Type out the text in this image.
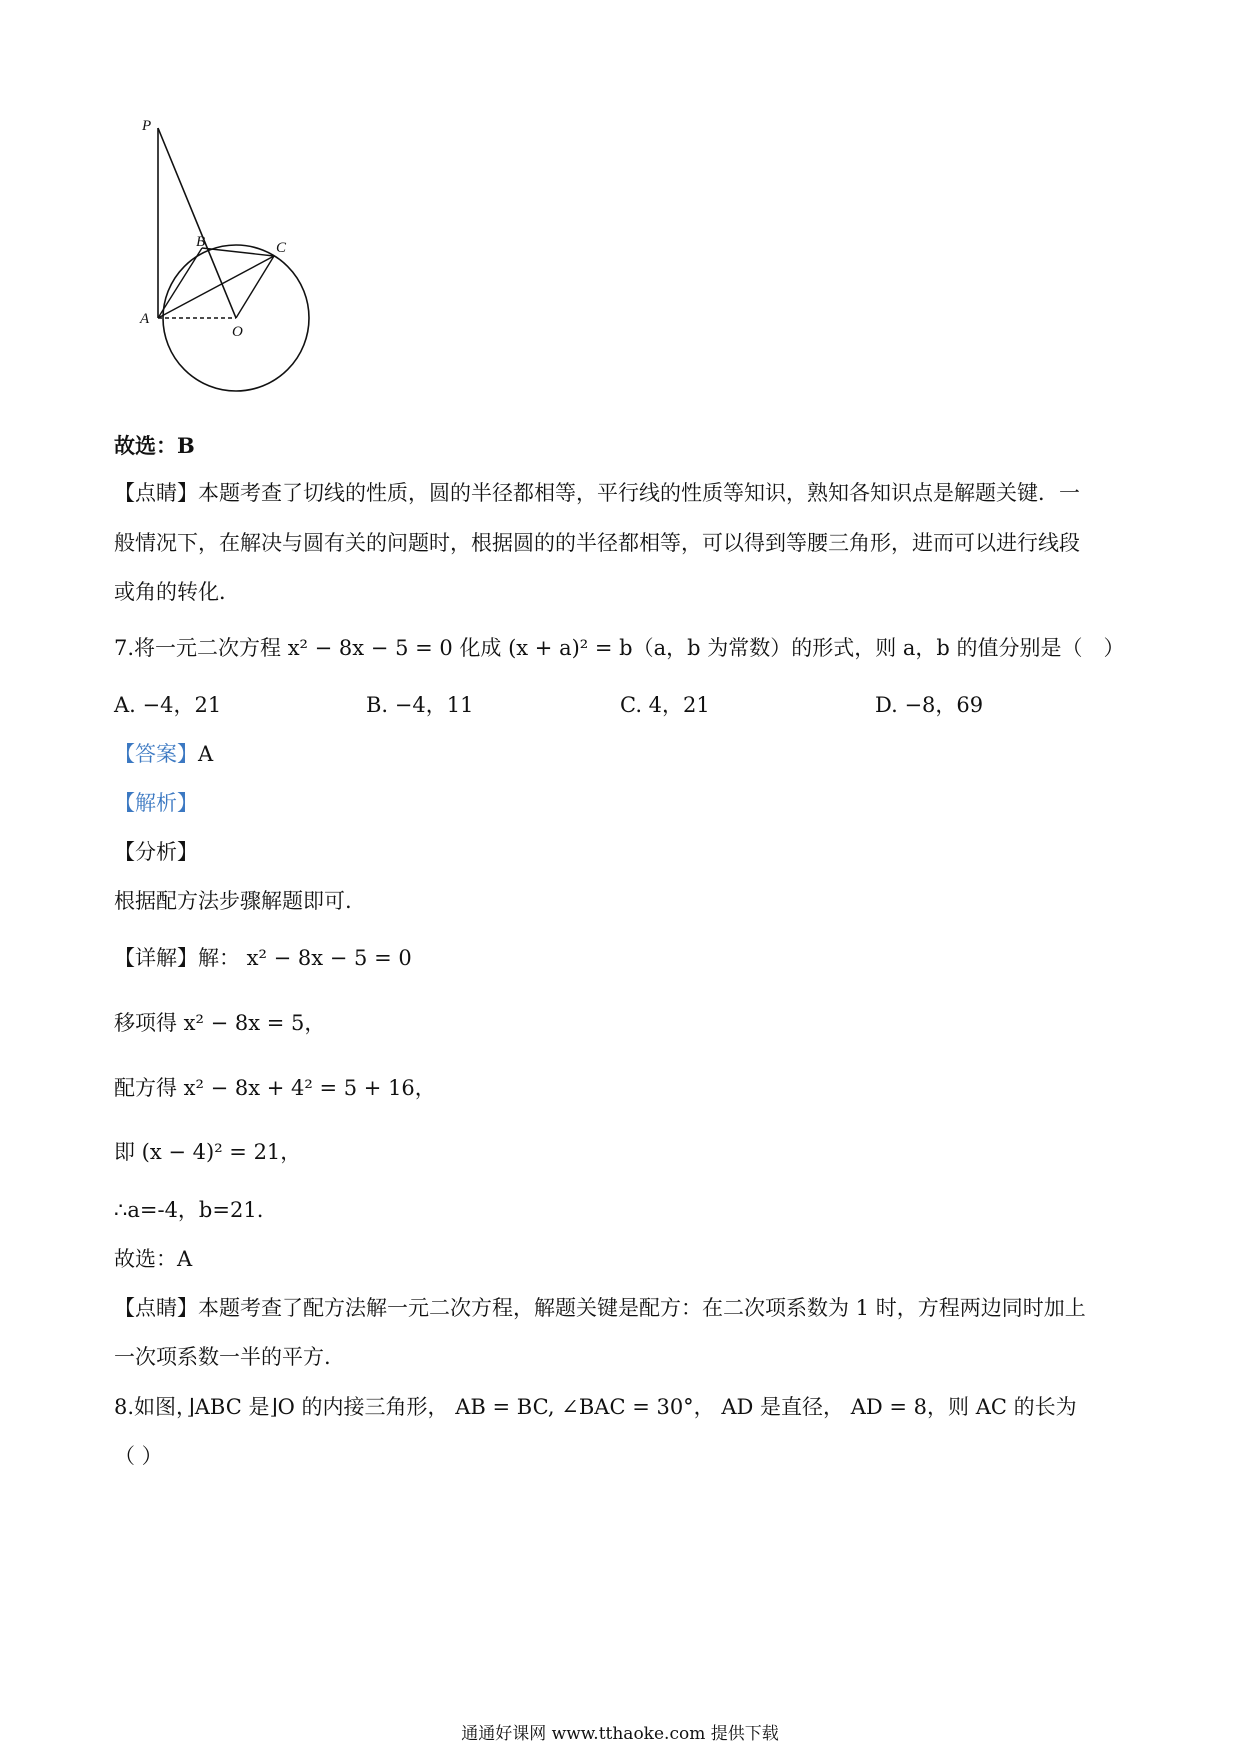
P
B	C
A
O
故选：B
【点睛】本题考查了切线的性质，圆的半径都相等，平行线的性质等知识，熟知各知识点是解题关键．一
般情况下，在解决与圆有关的问题时，根据圆的的半径都相等，可以得到等腰三角形，进而可以进行线段
或角的转化．
7.将一元二次方程 x² − 8x − 5 = 0 化成 (x + a)² = b（a，b 为常数）的形式，则 a，b 的值分别是（　）
A. −4，21	B. −4，11	C. 4，21	D. −8，69
【答案】A
【解析】
【分析】
根据配方法步骤解题即可.
【详解】解： x² − 8x − 5 = 0
移项得 x² − 8x = 5，
配方得 x² − 8x + 4² = 5 + 16，
即 (x − 4)² = 21，
∴a=-4，b=21.
故选：A
【点睛】本题考查了配方法解一元二次方程，解题关键是配方：在二次项系数为 1 时，方程两边同时加上
一次项系数一半的平方.
8.如图，⌋ABC 是⌋O 的内接三角形， AB = BC, ∠BAC = 30°， AD 是直径， AD = 8，则 AC 的长为
（ ）
通通好课网 www.tthaoke.com 提供下载
